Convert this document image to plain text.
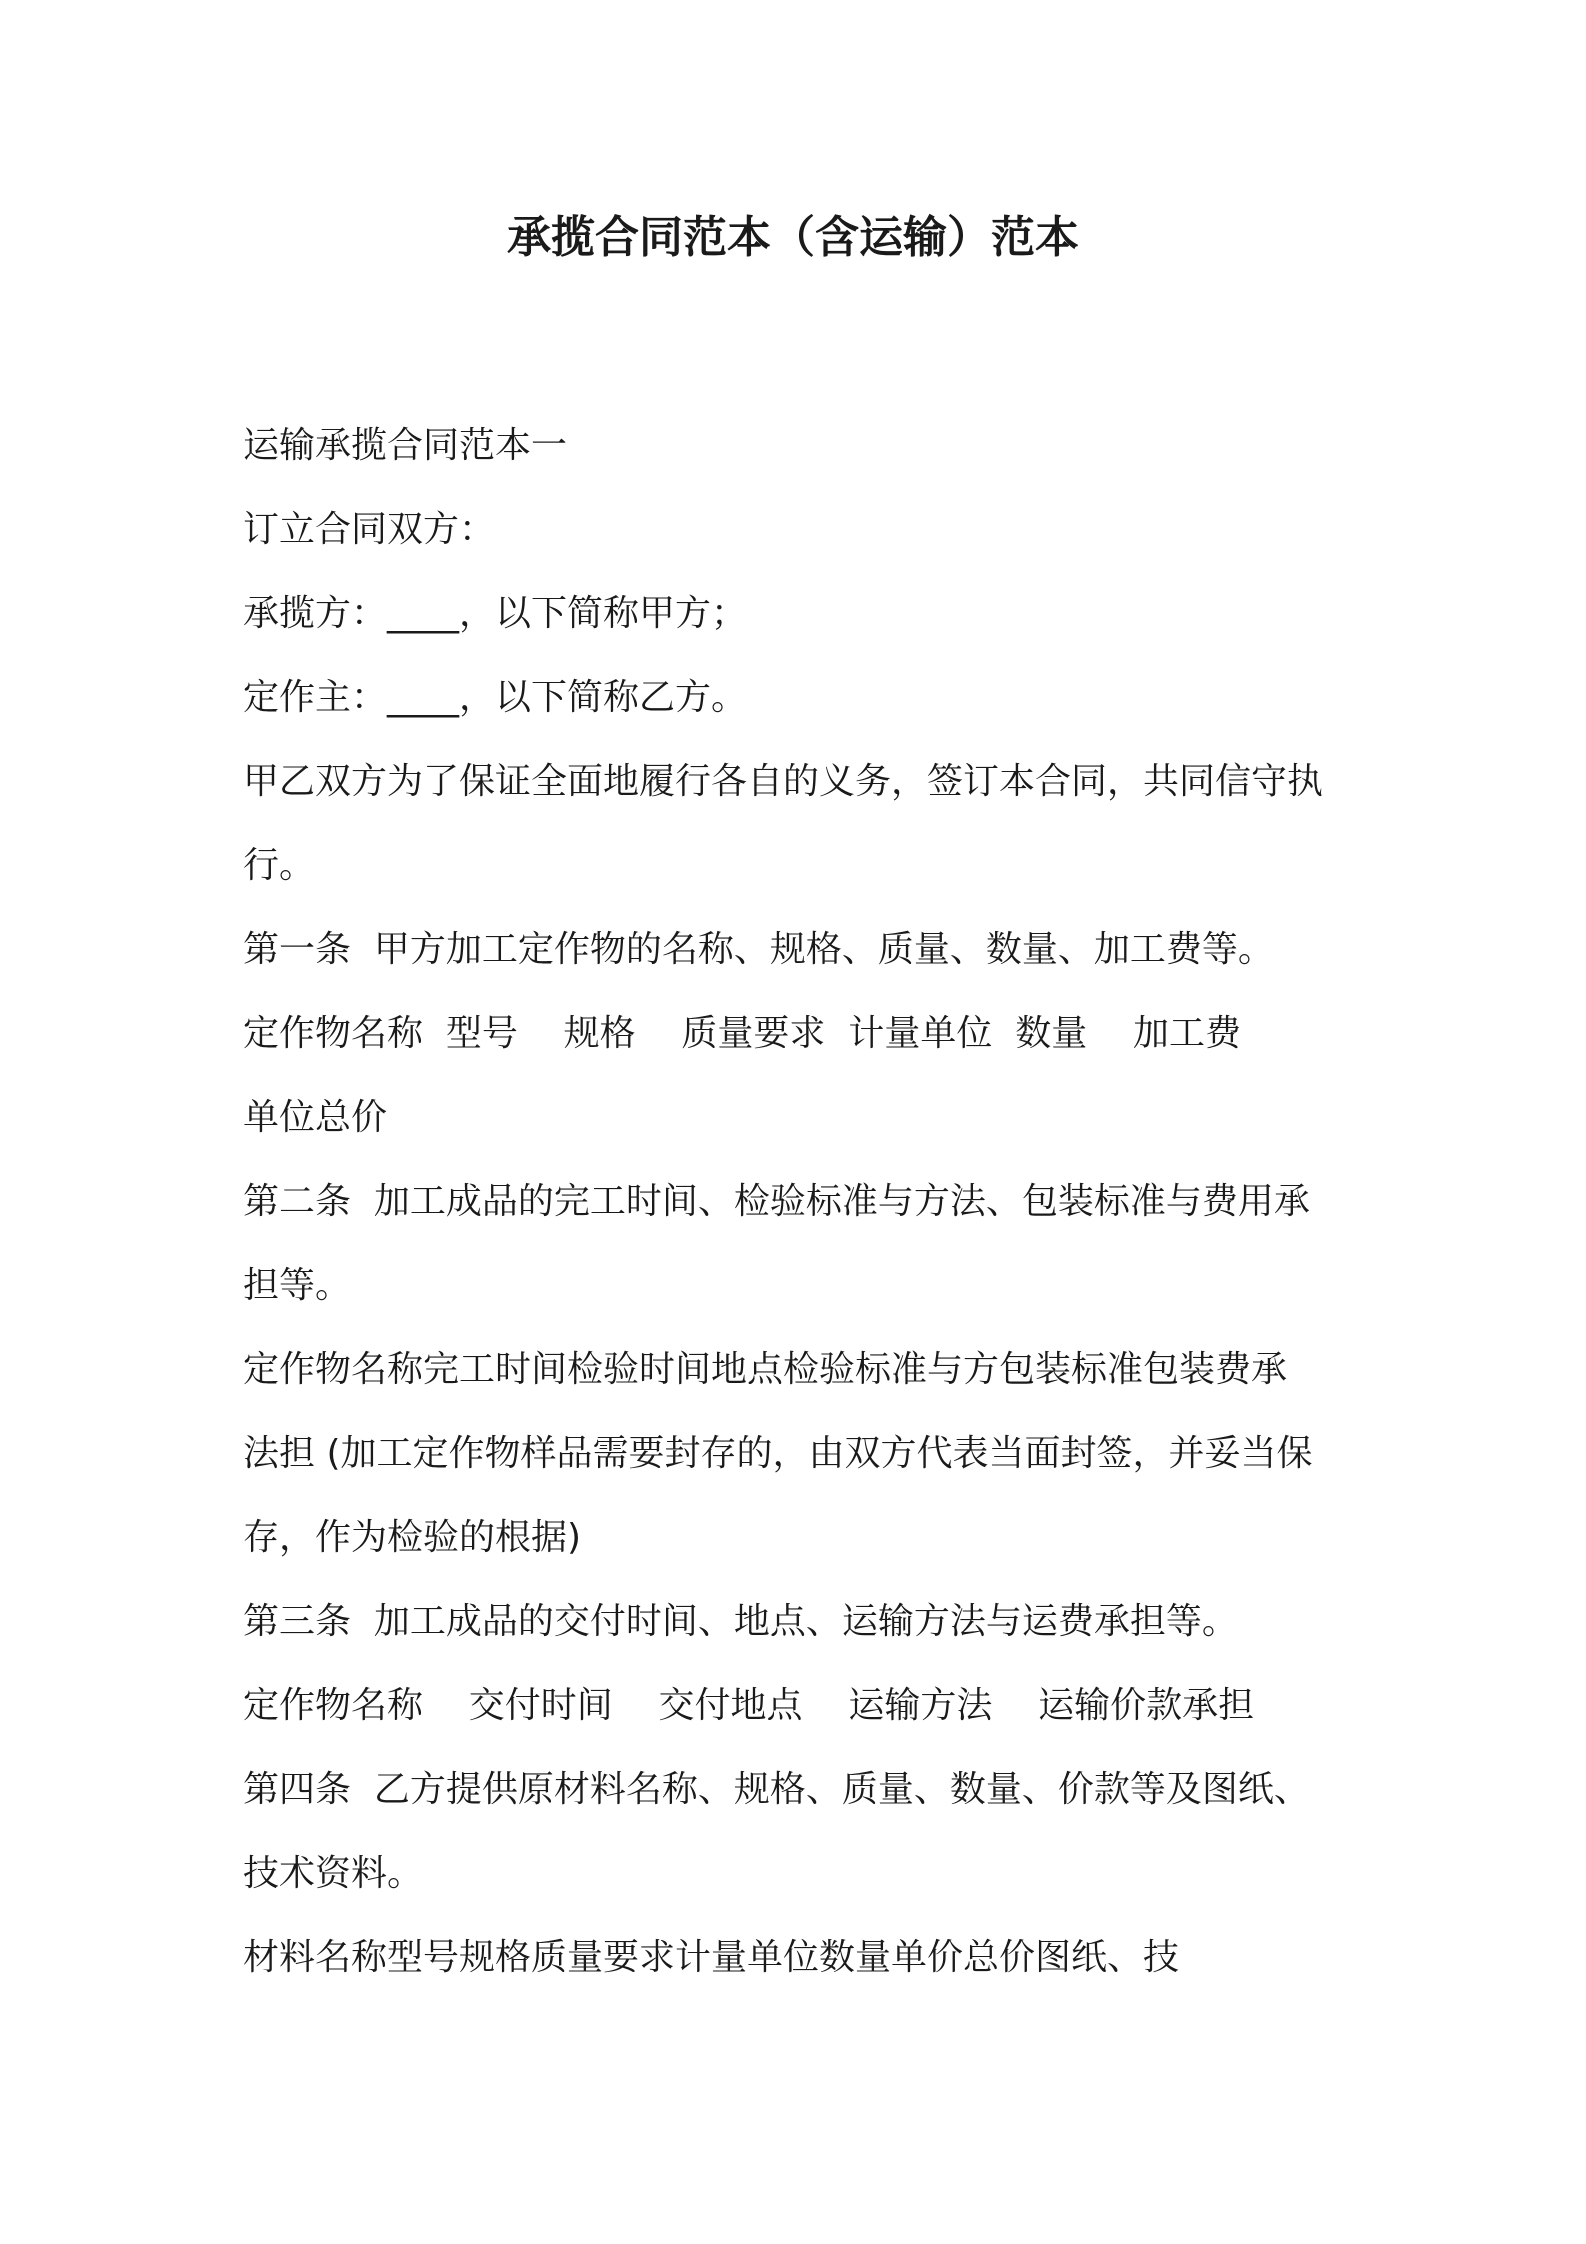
承揽合同范本（含运输）范本
运输承揽合同范本一
订立合同双方：
承揽方：____，以下简称甲方；
定作主：____，以下简称乙方。
甲乙双方为了保证全面地履行各自的义务，签订本合同，共同信守执
行。
第一条  甲方加工定作物的名称、规格、质量、数量、加工费等。
定作物名称  型号    规格    质量要求  计量单位  数量    加工费
单位总价
第二条  加工成品的完工时间、检验标准与方法、包装标准与费用承
担等。
定作物名称完工时间检验时间地点检验标准与方包装标准包装费承
法担 (加工定作物样品需要封存的，由双方代表当面封签，并妥当保
存，作为检验的根据)
第三条  加工成品的交付时间、地点、运输方法与运费承担等。
定作物名称    交付时间    交付地点    运输方法    运输价款承担
第四条  乙方提供原材料名称、规格、质量、数量、价款等及图纸、
技术资料。
材料名称型号规格质量要求计量单位数量单价总价图纸、技
